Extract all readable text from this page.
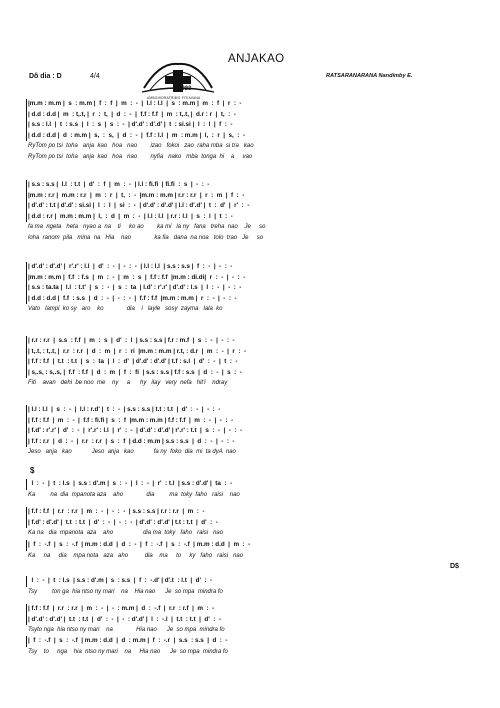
ANJAKAO
Dô dia : D	4/4	RATSARANARANA Nandimby E.
2023
AMBOHIDRATRIMO FITIAVANA
$
D$
|m.m : m.m |  s  : m.m |  f  :  f  |  m  :  -  |  l.l : l.l  |  s  : m.m |  m  :  f  |  r  :  -
| d.d : d.d |  m  : t,.t, |  r  :  t,  |  d  :  -  |  f.f : f.f  |  m  : t,.t, |  d.r : r  |  t,  :  -
| s.s : l.l  |  t  : s.s  |  l  :  s  |  s  :  -  | d'.d' : d'.d' |  t  : si.si |  l  :  l  |  f  :  -
| d.d : d.d |  d  : m.m |  s,  :  s,  |  d  :  -  |  f.f : l.l  |  m  : m.m |  l,  :  r  |  s,  :  -
RyTom po tsi  toha   anja  kao   hoa   nao        izao   fokoi   zao  raha mba  si tra   kao
RyTom po tsi  toha   anja  kao   hoa   nao        nyfia   nako   mba  tonga  hi    a     vao
| s.s : s.s |  l.l  : t.t  |  d'  :  f  |  m  :  -  | l.l : fi.fi  | fi.fi  :  s  |  -  :  -
|m.m : r.r |  m.m : r.r  |  m  :  r  |  t,  :  -  |m.m : m.m | r.r : r.r  |  r  :  m  |  f  :  -
| d'.d' : t.t | d'.d' : si.si |  l  :  l  |  si  :  -  | d'.d' : d'.d' | l.l : d'.d' |  t  :  d'  |  r'  :  -
| d.d : r.r |  m.m : m.m |  l,  :  d  |  m  :  -  | l.l : l.l  | r.r : l.l  |  s  :  l  |  t  :  -
fa ma  ngeta   heta   nyao a  na    ti     ko ao        ka mi   la ny   fana   treha  nao    Je     so
loha  ranom  pila   mina  na   Hia    nao              ka fia   dana  na noa   tolo  trao   Je     so
| d'.d' : d'.d' |  r'.r' : l.l  |  d'  :  -  |  -  :  -  | l.l : l.l  | s.s : s.s |  f  :  -  |  -  :  -
|m.m : m.m |  f.f  : f.s  |  m  :  -  |  m  :  s  |  f.f : f.f  |m.m : di.di|  r  :  -  |  -  :  -
| s.s : ta.ta |  l.l  : t.t'  |  s  :  -  |  s  :  ta  | l.d' : r'.r' | d'.d' : l.s  |  l  :  -  |  -  :  -
| d.d : d.d |  f.f  : s.s  |  d  :  -  |  -  :  -  |  f.f : f.f  |m.m : m.m |  r  :  -  |  -  :  -
Vato   lampi  ko sy   aro    ko              dia    i   layle   sosy  zayma   lala  ko
| r.r : r.r  |  s.s  : f.f  |  m  :  s  |  d'  :  l  | s.s : s.s | f.r : m.f  |  s  :  -  |  -  :  -
| t,.t, : t,.t, |  r.r  : r.r  |  d  :  m  |  r  :  ri  |m.m : m.m | r.t, : d.r  |  m  :  -  |  r  :  -
| f.f : f.f  |  t.t  : t.t  |  s  :  ta  |  l  :  d'  | d'.d' : d'.d' | t.f : s.l  |  d'  :  -  |  t  :  -
| s,.s, : s,.s, |  f.f  : f.f  |  d  :  m  |  f  :  fi  | s.s : s.s | f.f : s.s  |  d  :  -  |  s  :  -
Fiti    avan   dehi  be noo  me    ny     a      hy   ilay   very  nefa   hit'i    ndray
| l.l : l.l  |  s  :  -  |  l.l : r.d' |  t  :  -  | s.s : s.s | t.t : t.t  |  d'  :  -  |  -  :  -
| f.f : f.f  |  m  :  -  |  f.f : fi.fi |  s  :  f  |m.m : m.m | f.f : f.f  |  m  :  -  |  -  :  -
| f.d' : r'.r' |  d'  :  -  |  r'.r' : l.l  |  r'  :  -  | d'.d' : d'.d' | r'.r' : t.t  |  s  :  -  |  -  :  -
| f.f : r.r  |  d  :  -  |  r.r  : r.r  |  s  :  f  | d.d : m.m | s.s : s.s  |  d  :  -  |  -  :  -
Jeso   anja   kao            Jeso  anja   kao            fa ny  foko  dia  mi  ta dyA  nao
l  :  -  |  t  : l.s  |  s.s : d'.m |  s  :  -  |  l  :  -  |  r'  : t.l  | s.s : d'.d' |  ta  :  -
Ka         na  dia  mpanota aza    aho              dia         ma  toky  faho   raisi    nao
| f.f : f.f  |  r.r  : r.r  |  m  :  -  |  -  :  -  | s.s : s.s | r.r : r.r  |  m  :  -
| f.d' : d'.d' |  t.t  : t.t  |  d'  :  -  |  -  :  -  | d'.d' : d'.d' | t.t : t.t  |  d'  :  -
Ka na   dia  mpanota  aza    aho                  dia ma  toky   faho   raisi   nao
|  f  :  -.f  |  s  :  -.f  | m.m : d.d  |  d  :  -  |  f  :  -.f  |  s  :  -.f  | m.m : d.d  |  m  :  -
Ka     na     dia    mpa nota   aza   aho          dia    ma     to     ky   faho   raisi   nao
l  :  -  |  t  : l.s  | s.s : d'.m |  s  : s.s  |  f  :  -.d' | d'.t  : l.t  |  d'  :  -
Tsy         ton ga  hia ntso ny mari    na    Hia nao      Je  so mpa  mindra fo
| f.f : f.f  |  r.r  : r.r  |  m  :  -  |  -  : m.m |  d  :  -.f  |  r.r  : r.f  |  m  :  -
| d'.d' : d'.d' |  t.t  : t.t  |  d'  :  -  |  -  : d'.d' |  l  :  -.l  |  t.t  : t.t  |  d'  :  -
Tsyto nga  hia ntso ny mari    na              Hia nao      Je  so mpa  mindra fo
|  f  :  -.f  |  s  :  -.f  | m.m : d.d  |  d  : m.m |  f  :  -.r  |  s.s  : s.s  |  d  :  -
Tsy    to     nga    hia  ntso ny mari    na     Hia nao      Je  so mpa  mindra fo
